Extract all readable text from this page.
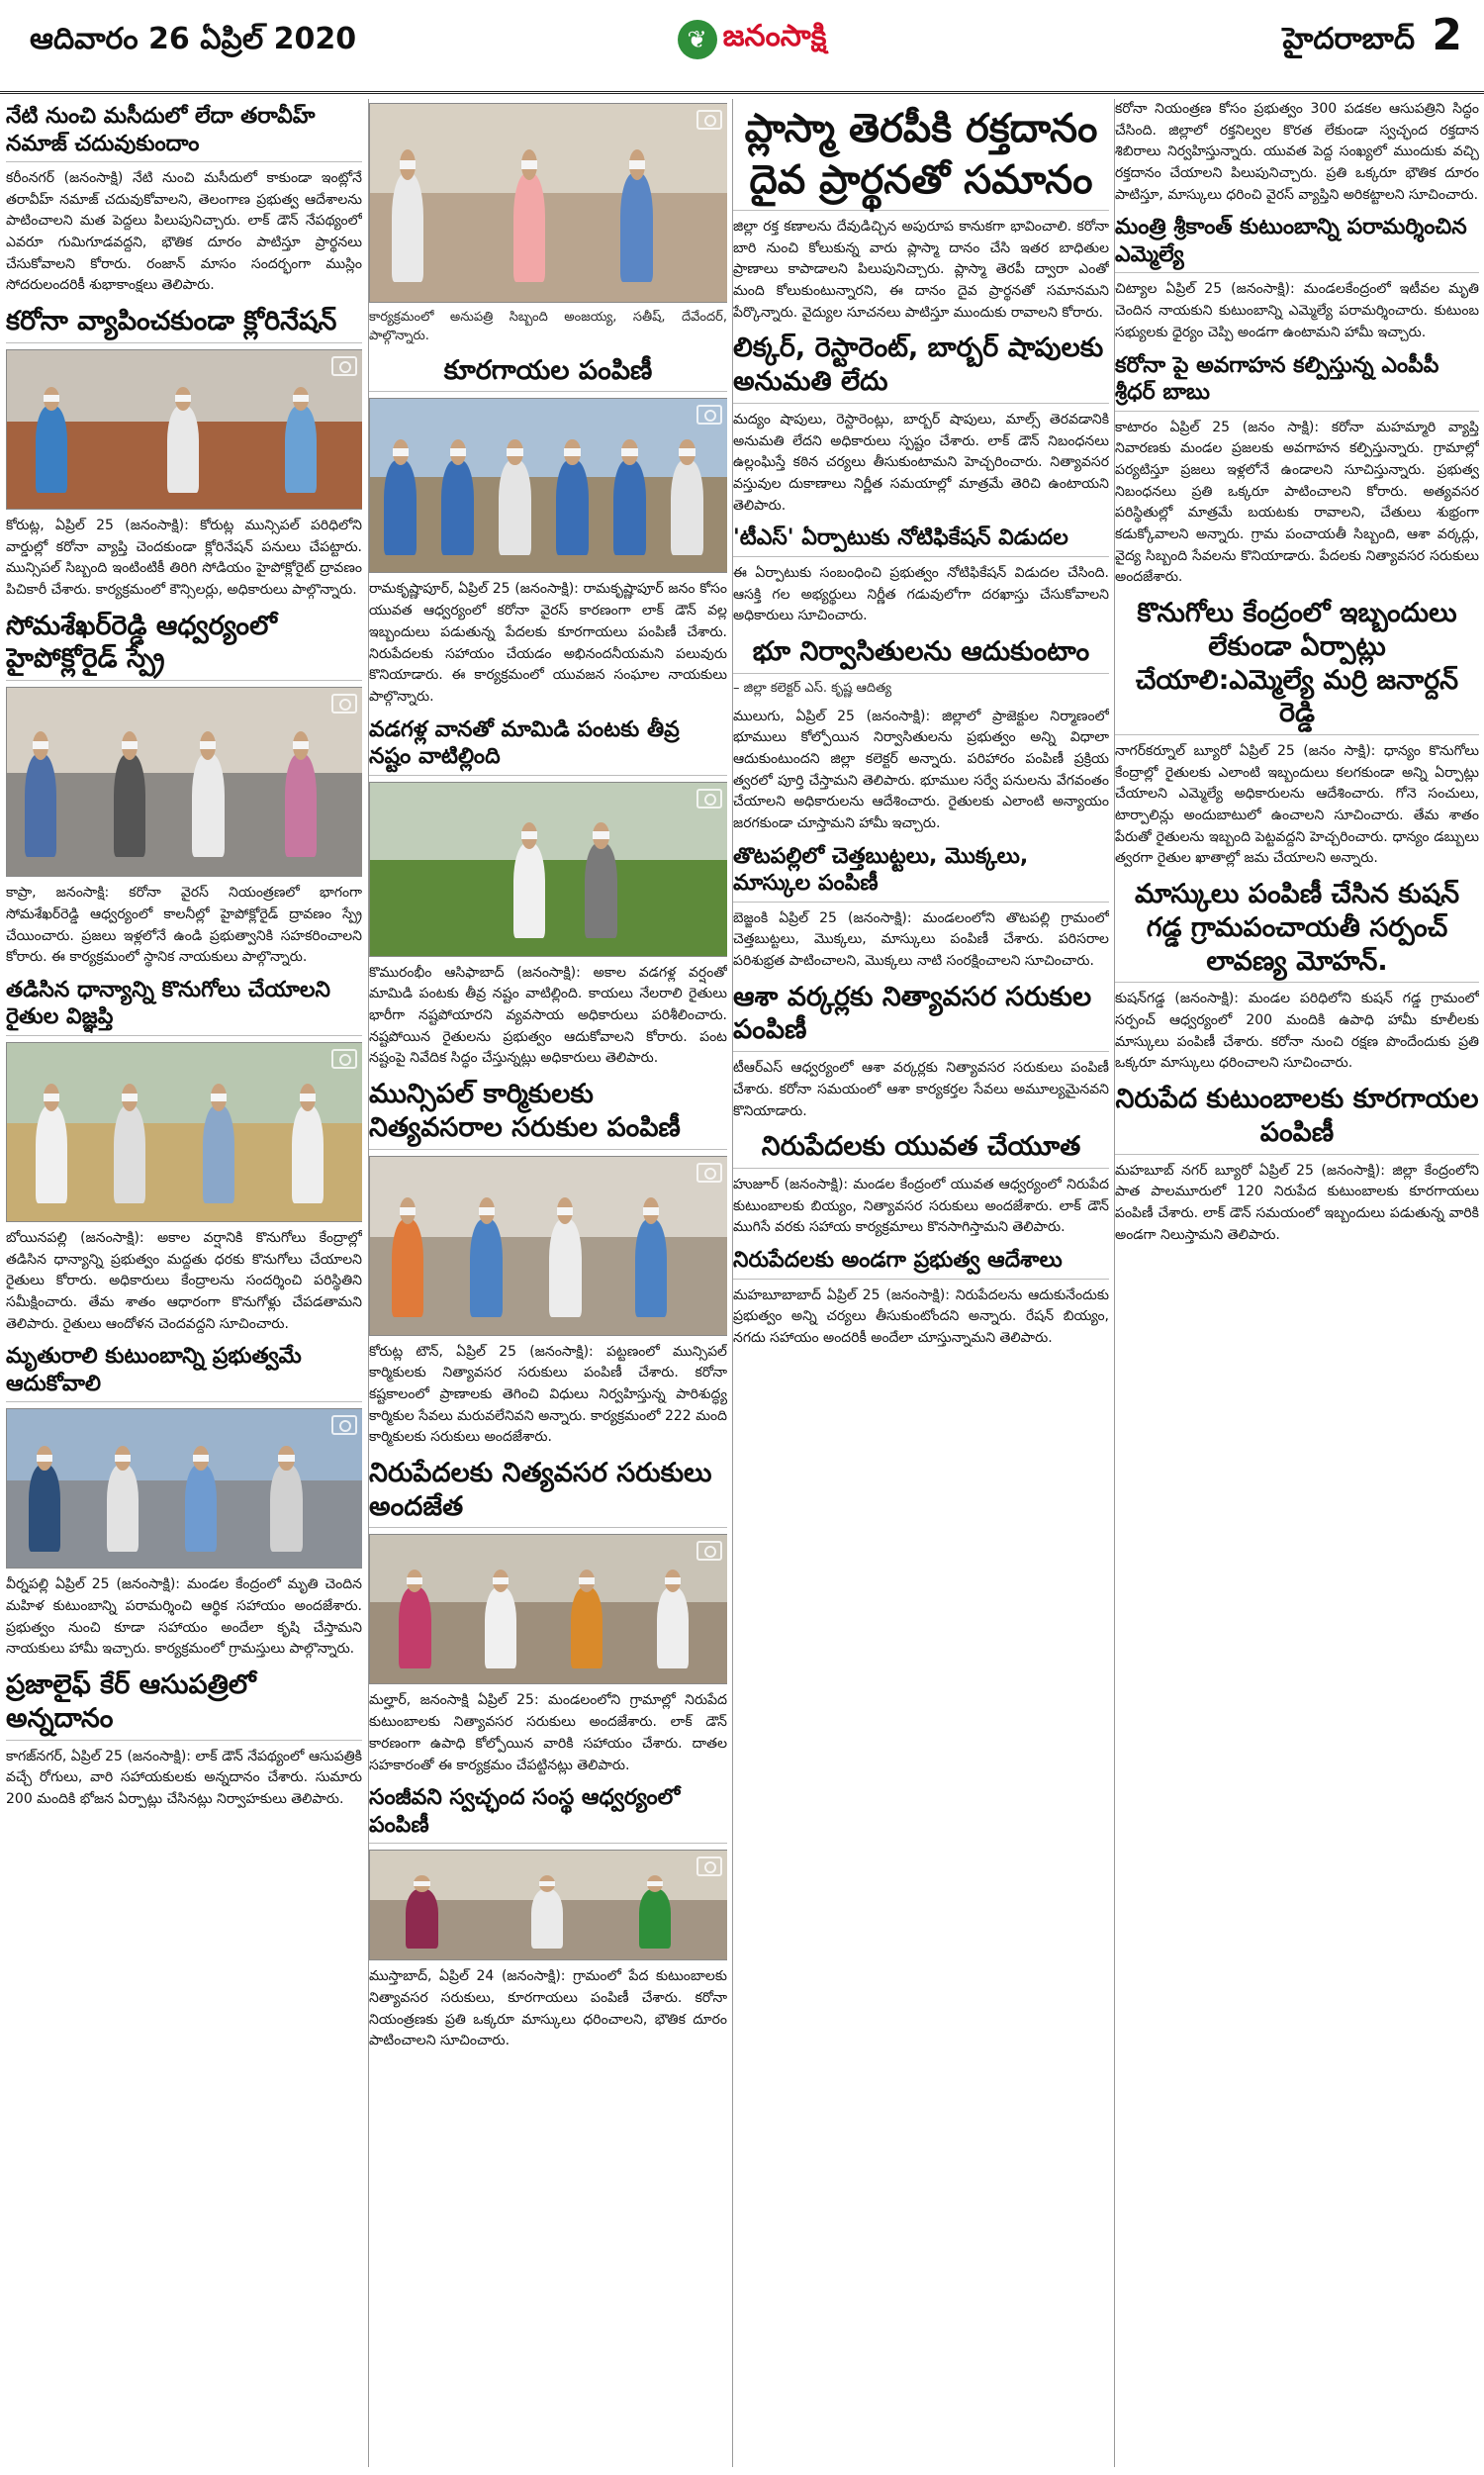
ఆదివారం 26 ఏప్రిల్ 2020	❦ జనంసాక్షి	హైదరాబాద్ 2
నేటి నుంచి మసీదులో లేదా తరావీహ్ నమాజ్ చదువుకుందాం
కరీంనగర్ (జనంసాక్షి) నేటి నుంచి మసీదులో కాకుండా ఇంట్లోనే తరావీహ్ నమాజ్ చదువుకోవాలని, తెలంగాణ ప్రభుత్వ ఆదేశాలను పాటించాలని మత పెద్దలు పిలుపునిచ్చారు. లాక్ డౌన్ నేపథ్యంలో ఎవరూ గుమిగూడవద్దని, భౌతిక దూరం పాటిస్తూ ప్రార్థనలు చేసుకోవాలని కోరారు. రంజాన్ మాసం సందర్భంగా ముస్లిం సోదరులందరికీ శుభాకాంక్షలు తెలిపారు.
కరోనా వ్యాపించకుండా క్లోరినేషన్
కోరుట్ల, ఏప్రిల్ 25 (జనంసాక్షి): కోరుట్ల మున్సిపల్ పరిధిలోని వార్డుల్లో కరోనా వ్యాప్తి చెందకుండా క్లోరినేషన్ పనులు చేపట్టారు. మున్సిపల్ సిబ్బంది ఇంటింటికీ తిరిగి సోడియం హైపోక్లోరైట్ ద్రావణం పిచికారీ చేశారు. కార్యక్రమంలో కౌన్సిలర్లు, అధికారులు పాల్గొన్నారు.
సోమశేఖర్‌రెడ్డి ఆధ్వర్యంలో హైపోక్లోరైడ్ స్ప్రే
కాప్రా, జనంసాక్షి: కరోనా వైరస్ నియంత్రణలో భాగంగా సోమశేఖర్‌రెడ్డి ఆధ్వర్యంలో కాలనీల్లో హైపోక్లోరైడ్ ద్రావణం స్ప్రే చేయించారు. ప్రజలు ఇళ్లలోనే ఉండి ప్రభుత్వానికి సహకరించాలని కోరారు. ఈ కార్యక్రమంలో స్థానిక నాయకులు పాల్గొన్నారు.
తడిసిన ధాన్యాన్ని కొనుగోలు చేయాలని రైతుల విజ్ఞప్తి
బోయినపల్లి (జనంసాక్షి): అకాల వర్షానికి కొనుగోలు కేంద్రాల్లో తడిసిన ధాన్యాన్ని ప్రభుత్వం మద్దతు ధరకు కొనుగోలు చేయాలని రైతులు కోరారు. అధికారులు కేంద్రాలను సందర్శించి పరిస్థితిని సమీక్షించారు. తేమ శాతం ఆధారంగా కొనుగోళ్లు చేపడతామని తెలిపారు. రైతులు ఆందోళన చెందవద్దని సూచించారు.
మృతురాలి కుటుంబాన్ని ప్రభుత్వమే ఆదుకోవాలి
వీర్నపల్లి ఏప్రిల్ 25 (జనంసాక్షి): మండల కేంద్రంలో మృతి చెందిన మహిళ కుటుంబాన్ని పరామర్శించి ఆర్థిక సహాయం అందజేశారు. ప్రభుత్వం నుంచి కూడా సహాయం అందేలా కృషి చేస్తామని నాయకులు హామీ ఇచ్చారు. కార్యక్రమంలో గ్రామస్తులు పాల్గొన్నారు.
ప్రజాలైఫ్ కేర్ ఆసుపత్రిలో అన్నదానం
కాగజ్‌నగర్, ఏప్రిల్ 25 (జనంసాక్షి): లాక్ డౌన్ నేపథ్యంలో ఆసుపత్రికి వచ్చే రోగులు, వారి సహాయకులకు అన్నదానం చేశారు. సుమారు 200 మందికి భోజన ఏర్పాట్లు చేసినట్లు నిర్వాహకులు తెలిపారు.
కార్యక్రమంలో అనుపత్రి సిబ్బంది అంజయ్య, సతీష్, దేవేందర్, పాల్గొన్నారు.
కూరగాయల పంపిణీ
రామకృష్ణాపూర్, ఏప్రిల్ 25 (జనంసాక్షి): రామకృష్ణాపూర్ జనం కోసం యువత ఆధ్వర్యంలో కరోనా వైరస్ కారణంగా లాక్ డౌన్ వల్ల ఇబ్బందులు పడుతున్న పేదలకు కూరగాయలు పంపిణీ చేశారు. నిరుపేదలకు సహాయం చేయడం అభినందనీయమని పలువురు కొనియాడారు. ఈ కార్యక్రమంలో యువజన సంఘాల నాయకులు పాల్గొన్నారు.
వడగళ్ల వానతో మామిడి పంటకు తీవ్ర నష్టం వాటిల్లింది
కొమురంభీం ఆసిఫాబాద్ (జనంసాక్షి): అకాల వడగళ్ల వర్షంతో మామిడి పంటకు తీవ్ర నష్టం వాటిల్లింది. కాయలు నేలరాలి రైతులు భారీగా నష్టపోయారని వ్యవసాయ అధికారులు పరిశీలించారు. నష్టపోయిన రైతులను ప్రభుత్వం ఆదుకోవాలని కోరారు. పంట నష్టంపై నివేదిక సిద్ధం చేస్తున్నట్లు అధికారులు తెలిపారు.
మున్సిపల్ కార్మికులకు నిత్యవసరాల సరుకుల పంపిణీ
కోరుట్ల టౌన్, ఏప్రిల్ 25 (జనంసాక్షి): పట్టణంలో మున్సిపల్ కార్మికులకు నిత్యావసర సరుకులు పంపిణీ చేశారు. కరోనా కష్టకాలంలో ప్రాణాలకు తెగించి విధులు నిర్వహిస్తున్న పారిశుద్ధ్య కార్మికుల సేవలు మరువలేనివని అన్నారు. కార్యక్రమంలో 222 మంది కార్మికులకు సరుకులు అందజేశారు.
నిరుపేదలకు నిత్యవసర సరుకులు అందజేత
మల్హార్, జనంసాక్షి ఏప్రిల్ 25: మండలంలోని గ్రామాల్లో నిరుపేద కుటుంబాలకు నిత్యావసర సరుకులు అందజేశారు. లాక్ డౌన్ కారణంగా ఉపాధి కోల్పోయిన వారికి సహాయం చేశారు. దాతల సహకారంతో ఈ కార్యక్రమం చేపట్టినట్లు తెలిపారు.
సంజీవని స్వచ్ఛంద సంస్థ ఆధ్వర్యంలో పంపిణీ
ముస్తాబాద్, ఏప్రిల్ 24 (జనంసాక్షి): గ్రామంలో పేద కుటుంబాలకు నిత్యావసర సరుకులు, కూరగాయలు పంపిణీ చేశారు. కరోనా నియంత్రణకు ప్రతి ఒక్కరూ మాస్కులు ధరించాలని, భౌతిక దూరం పాటించాలని సూచించారు.
ప్లాస్మా తెరపీకి రక్తదానం దైవ ప్రార్థనతో సమానం
జిల్లా రక్త కణాలను దేవుడిచ్చిన అపురూప కానుకగా భావించాలి. కరోనా బారి నుంచి కోలుకున్న వారు ప్లాస్మా దానం చేసి ఇతర బాధితుల ప్రాణాలు కాపాడాలని పిలుపునిచ్చారు. ప్లాస్మా తెరపీ ద్వారా ఎంతో మంది కోలుకుంటున్నారని, ఈ దానం దైవ ప్రార్థనతో సమానమని పేర్కొన్నారు. వైద్యుల సూచనలు పాటిస్తూ ముందుకు రావాలని కోరారు.
లిక్కర్, రెస్టారెంట్, బార్బర్ షాపులకు అనుమతి లేదు
మద్యం షాపులు, రెస్టారెంట్లు, బార్బర్ షాపులు, మాల్స్ తెరవడానికి అనుమతి లేదని అధికారులు స్పష్టం చేశారు. లాక్ డౌన్ నిబంధనలు ఉల్లంఘిస్తే కఠిన చర్యలు తీసుకుంటామని హెచ్చరించారు. నిత్యావసర వస్తువుల దుకాణాలు నిర్ణీత సమయాల్లో మాత్రమే తెరిచి ఉంటాయని తెలిపారు.
'టీఎస్' ఏర్పాటుకు నోటిఫికేషన్ విడుదల
ఈ ఏర్పాటుకు సంబంధించి ప్రభుత్వం నోటిఫికేషన్ విడుదల చేసింది. ఆసక్తి గల అభ్యర్థులు నిర్ణీత గడువులోగా దరఖాస్తు చేసుకోవాలని అధికారులు సూచించారు.
భూ నిర్వాసితులను ఆదుకుంటాం
– జిల్లా కలెక్టర్ ఎస్. కృష్ణ ఆదిత్య
ములుగు, ఏప్రిల్ 25 (జనంసాక్షి): జిల్లాలో ప్రాజెక్టుల నిర్మాణంలో భూములు కోల్పోయిన నిర్వాసితులను ప్రభుత్వం అన్ని విధాలా ఆదుకుంటుందని జిల్లా కలెక్టర్ అన్నారు. పరిహారం పంపిణీ ప్రక్రియ త్వరలో పూర్తి చేస్తామని తెలిపారు. భూముల సర్వే పనులను వేగవంతం చేయాలని అధికారులను ఆదేశించారు. రైతులకు ఎలాంటి అన్యాయం జరగకుండా చూస్తామని హామీ ఇచ్చారు.
తొటపల్లిలో చెత్తబుట్టలు, మొక్కలు, మాస్కుల పంపిణీ
బెజ్జంకి ఏప్రిల్ 25 (జనంసాక్షి): మండలంలోని తొటపల్లి గ్రామంలో చెత్తబుట్టలు, మొక్కలు, మాస్కులు పంపిణీ చేశారు. పరిసరాల పరిశుభ్రత పాటించాలని, మొక్కలు నాటి సంరక్షించాలని సూచించారు.
ఆశా వర్కర్లకు నిత్యావసర సరుకుల పంపిణీ
టీఆర్ఎస్ ఆధ్వర్యంలో ఆశా వర్కర్లకు నిత్యావసర సరుకులు పంపిణీ చేశారు. కరోనా సమయంలో ఆశా కార్యకర్తల సేవలు అమూల్యమైనవని కొనియాడారు.
నిరుపేదలకు యువత చేయూత
హుజూర్ (జనంసాక్షి): మండల కేంద్రంలో యువత ఆధ్వర్యంలో నిరుపేద కుటుంబాలకు బియ్యం, నిత్యావసర సరుకులు అందజేశారు. లాక్ డౌన్ ముగిసే వరకు సహాయ కార్యక్రమాలు కొనసాగిస్తామని తెలిపారు.
నిరుపేదలకు అండగా ప్రభుత్వ ఆదేశాలు
మహబూబాబాద్ ఏప్రిల్ 25 (జనంసాక్షి): నిరుపేదలను ఆదుకునేందుకు ప్రభుత్వం అన్ని చర్యలు తీసుకుంటోందని అన్నారు. రేషన్ బియ్యం, నగదు సహాయం అందరికీ అందేలా చూస్తున్నామని తెలిపారు.
కరోనా నియంత్రణ కోసం ప్రభుత్వం 300 పడకల ఆసుపత్రిని సిద్ధం చేసింది. జిల్లాలో రక్తనిల్వల కొరత లేకుండా స్వచ్ఛంద రక్తదాన శిబిరాలు నిర్వహిస్తున్నారు. యువత పెద్ద సంఖ్యలో ముందుకు వచ్చి రక్తదానం చేయాలని పిలుపునిచ్చారు. ప్రతి ఒక్కరూ భౌతిక దూరం పాటిస్తూ, మాస్కులు ధరించి వైరస్ వ్యాప్తిని అరికట్టాలని సూచించారు.
మంత్రి శ్రీకాంత్ కుటుంబాన్ని పరామర్శించిన ఎమ్మెల్యే
చిట్యాల ఏప్రిల్ 25 (జనంసాక్షి): మండలకేంద్రంలో ఇటీవల మృతి చెందిన నాయకుని కుటుంబాన్ని ఎమ్మెల్యే పరామర్శించారు. కుటుంబ సభ్యులకు ధైర్యం చెప్పి అండగా ఉంటామని హామీ ఇచ్చారు.
కరోనా పై అవగాహన కల్పిస్తున్న ఎంపీపీ శ్రీధర్ బాబు
కాటారం ఏప్రిల్ 25 (జనం సాక్షి): కరోనా మహమ్మారి వ్యాప్తి నివారణకు మండల ప్రజలకు అవగాహన కల్పిస్తున్నారు. గ్రామాల్లో పర్యటిస్తూ ప్రజలు ఇళ్లలోనే ఉండాలని సూచిస్తున్నారు. ప్రభుత్వ నిబంధనలు ప్రతి ఒక్కరూ పాటించాలని కోరారు. అత్యవసర పరిస్థితుల్లో మాత్రమే బయటకు రావాలని, చేతులు శుభ్రంగా కడుక్కోవాలని అన్నారు. గ్రామ పంచాయతీ సిబ్బంది, ఆశా వర్కర్లు, వైద్య సిబ్బంది సేవలను కొనియాడారు. పేదలకు నిత్యావసర సరుకులు అందజేశారు.
కొనుగోలు కేంద్రంలో ఇబ్బందులు లేకుండా ఏర్పాట్లు చేయాలి:ఎమ్మెల్యే మర్రి జనార్దన్ రెడ్డి
నాగర్‌కర్నూల్ బ్యూరో ఏప్రిల్ 25 (జనం సాక్షి): ధాన్యం కొనుగోలు కేంద్రాల్లో రైతులకు ఎలాంటి ఇబ్బందులు కలగకుండా అన్ని ఏర్పాట్లు చేయాలని ఎమ్మెల్యే అధికారులను ఆదేశించారు. గోనె సంచులు, టార్పాలిన్లు అందుబాటులో ఉంచాలని సూచించారు. తేమ శాతం పేరుతో రైతులను ఇబ్బంది పెట్టవద్దని హెచ్చరించారు. ధాన్యం డబ్బులు త్వరగా రైతుల ఖాతాల్లో జమ చేయాలని అన్నారు.
మాస్కులు పంపిణీ చేసిన కుషన్ గడ్డ గ్రామపంచాయతీ సర్పంచ్ లావణ్య మోహన్.
కుషన్‌గడ్డ (జనంసాక్షి): మండల పరిధిలోని కుషన్ గడ్డ గ్రామంలో సర్పంచ్ ఆధ్వర్యంలో 200 మందికి ఉపాధి హామీ కూలీలకు మాస్కులు పంపిణీ చేశారు. కరోనా నుంచి రక్షణ పొందేందుకు ప్రతి ఒక్కరూ మాస్కులు ధరించాలని సూచించారు.
నిరుపేద కుటుంబాలకు కూరగాయల పంపిణీ
మహబూబ్ నగర్ బ్యూరో ఏప్రిల్ 25 (జనంసాక్షి): జిల్లా కేంద్రంలోని పాత పాలమూరులో 120 నిరుపేద కుటుంబాలకు కూరగాయలు పంపిణీ చేశారు. లాక్ డౌన్ సమయంలో ఇబ్బందులు పడుతున్న వారికి అండగా నిలుస్తామని తెలిపారు.
